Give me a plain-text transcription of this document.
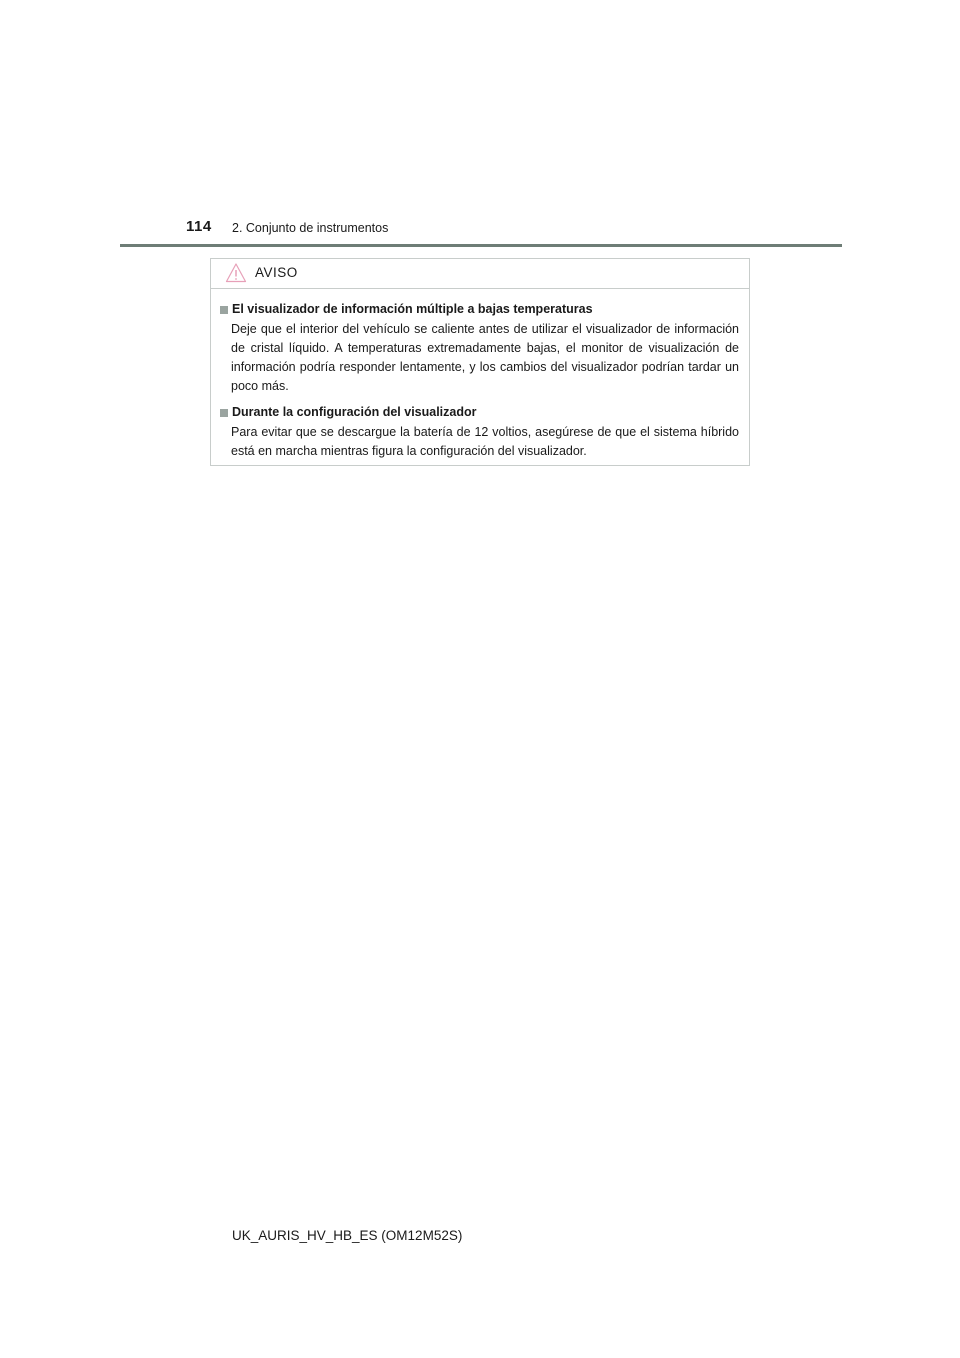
114 2. Conjunto de instrumentos
AVISO
El visualizador de información múltiple a bajas temperaturas
Deje que el interior del vehículo se caliente antes de utilizar el visualizador de información de cristal líquido. A temperaturas extremadamente bajas, el monitor de visualización de información podría responder lentamente, y los cambios del visualizador podrían tardar un poco más.
Durante la configuración del visualizador
Para evitar que se descargue la batería de 12 voltios, asegúrese de que el sistema híbrido está en marcha mientras figura la configuración del visualizador.
UK_AURIS_HV_HB_ES (OM12M52S)
